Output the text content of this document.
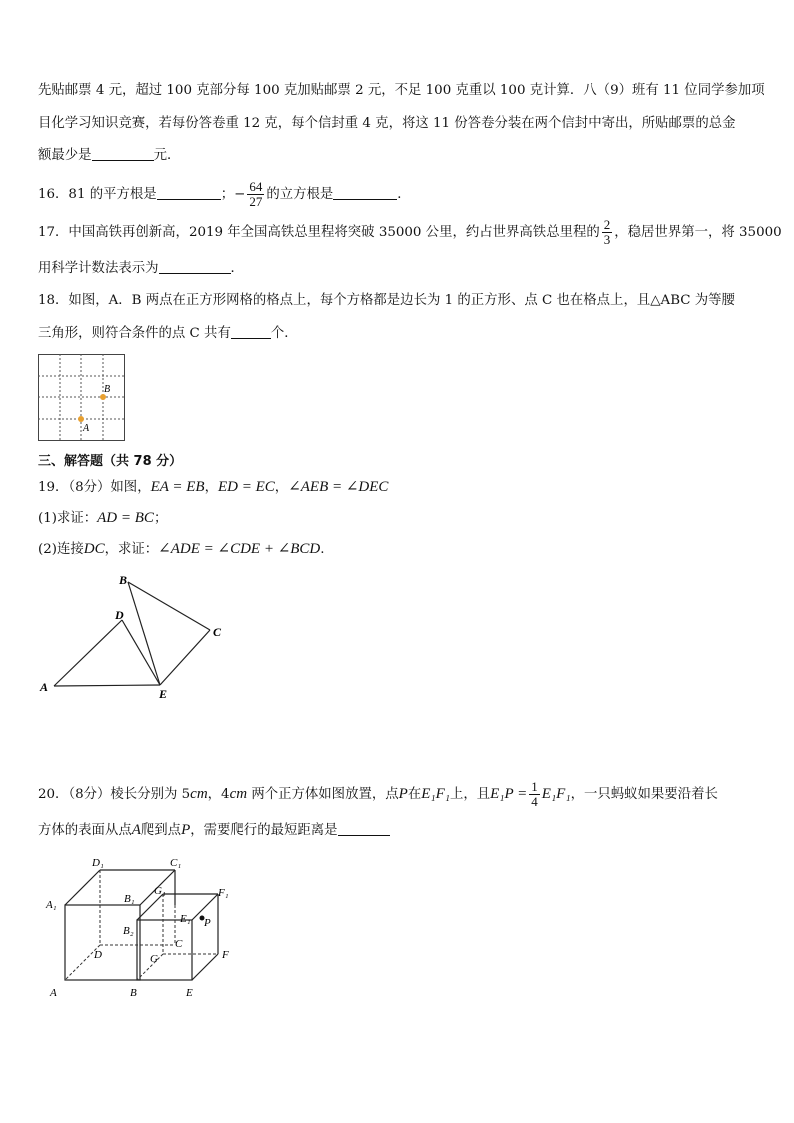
先贴邮票 4 元，超过 100 克部分每 100 克加贴邮票 2 元，不足 100 克重以 100 克计算．八（9）班有 11 位同学参加项
目化学习知识竞赛，若每份答卷重 12 克，每个信封重 4 克，将这 11 份答卷分装在两个信封中寄出，所贴邮票的总金
额最少是	元．
16．81 的平方根是	；− $\frac{64}{27}$ 的立方根是	．
17．中国高铁再创新高，2019 年全国高铁总里程将突破 35000 公里，约占世界高铁总里程的 $\frac{2}{3}$ ，稳居世界第一，将 35000
用科学计数法表示为	．
18．如图，A．B 两点在正方形网格的格点上，每个方格都是边长为 1 的正方形、点 C 也在格点上，且△ABC 为等腰
三角形，则符合条件的点 C 共有	个．
B
A
三、解答题（共 78 分）
19．（8分）如图，EA = EB，ED = EC，∠AEB = ∠DEC
(1)求证：AD = BC；
(2)连接DC，求证：∠ADE = ∠CDE + ∠BCD.
B
D
C
A	E
20．（8分）棱长分别为 5cm，4cm 两个正方体如图放置，点P在E₁F₁上，且$E_1P = \frac{1}{4} E_1F_1$，一只蚂蚁如果要沿着长
方体的表面从点A爬到点P，需要爬行的最短距离是
D₁	C₁
A₁	B₁
G₁	F₁
E₁ P
B₂
C
D	G	F
A	B	E
